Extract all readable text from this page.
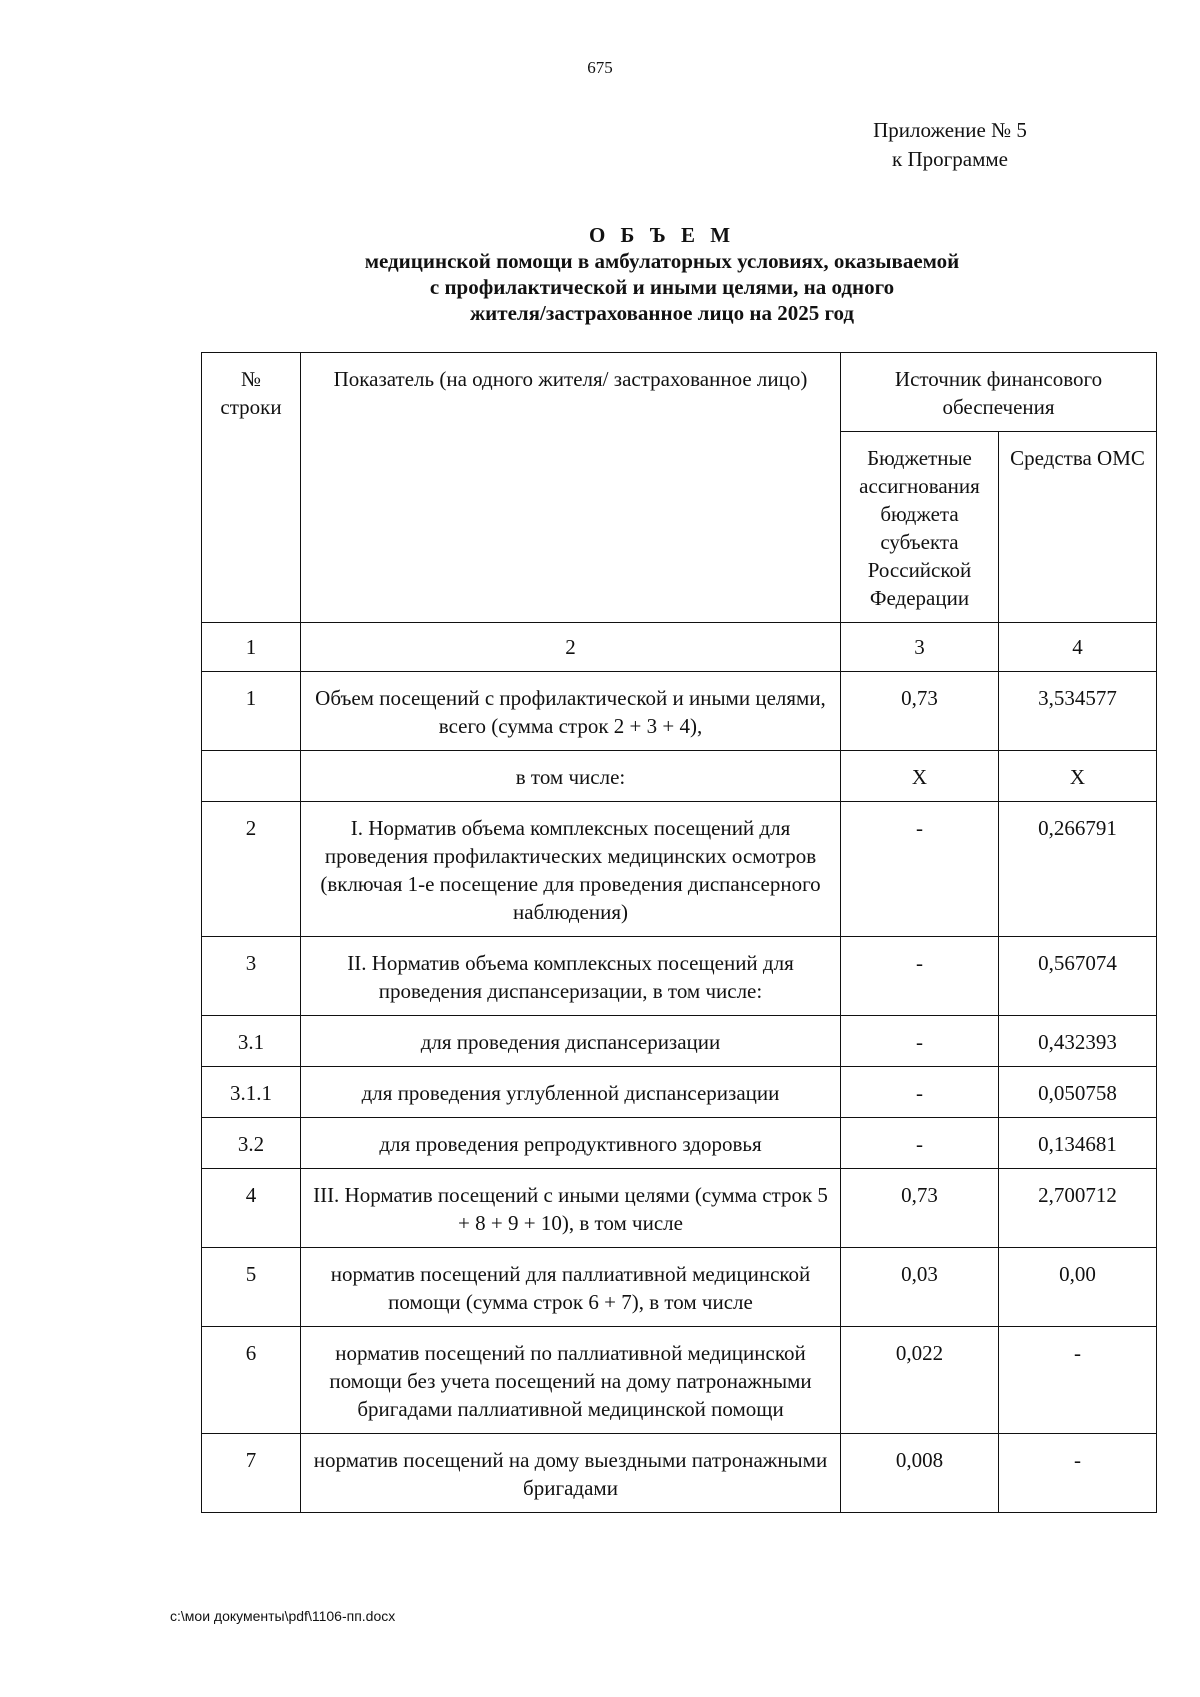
675
Приложение № 5
к Программе
О Б Ъ Е М
медицинской помощи в амбулаторных условиях, оказываемой
с профилактической и иными целями, на одного
жителя/застрахованное лицо на 2025 год
№ строки	Показатель (на одного жителя/ застрахованное лицо)	Источник финансового обеспечения	
		Бюджетные ассигнования бюджета субъекта Российской Федерации	Средства ОМС
1	2	3	4
1	Объем посещений с профилактической и иными целями, всего (сумма строк 2 + 3 + 4),	0,73	3,534577
	в том числе:	Х	Х
2	I. Норматив объема комплексных посещений для проведения профилактических медицинских осмотров (включая 1-е посещение для проведения диспансерного наблюдения)	-	0,266791
3	II. Норматив объема комплексных посещений для проведения диспансеризации, в том числе:	-	0,567074
3.1	для проведения диспансеризации	-	0,432393
3.1.1	для проведения углубленной диспансеризации	-	0,050758
3.2	для проведения репродуктивного здоровья	-	0,134681
4	III. Норматив посещений с иными целями (сумма строк 5 + 8 + 9 + 10), в том числе	0,73	2,700712
5	норматив посещений для паллиативной медицинской помощи (сумма строк 6 + 7), в том числе	0,03	0,00
6	норматив посещений по паллиативной медицинской помощи без учета посещений на дому патронажными бригадами паллиативной медицинской помощи	0,022	-
7	норматив посещений на дому выездными патронажными бригадами	0,008	-
c:\мои документы\pdf\1106-пп.docx
